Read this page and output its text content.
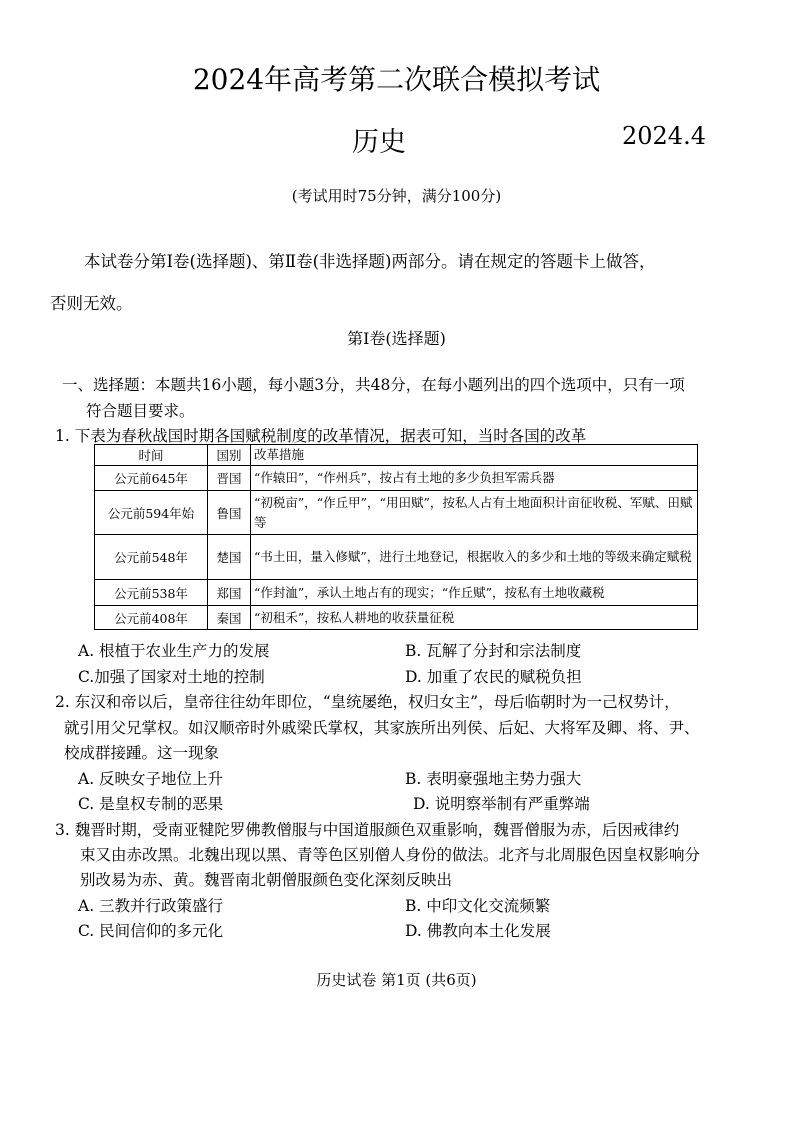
2024年高考第二次联合模拟考试
历史	2024.4
(考试用时75分钟，满分100分)
本试卷分第Ⅰ卷(选择题)、第Ⅱ卷(非选择题)两部分。请在规定的答题卡上做答，
否则无效。
第Ⅰ卷(选择题)
一、选择题：本题共16小题，每小题3分，共48分，在每小题列出的四个选项中，只有一项
符合题目要求。
1. 下表为春秋战国时期各国赋税制度的改革情况，据表可知，当时各国的改革
时间	国别	改革措施
公元前645年	晋国	“作辕田”，“作州兵”，按占有土地的多少负担军需兵器
公元前594年始	鲁国	“初税亩”，“作丘甲”，“用田赋”，按私人占有土地面积计亩征收税、军赋、田赋等
公元前548年	楚国	“书土田，量入修赋”，进行土地登记，根据收入的多少和土地的等级来确定赋税
公元前538年	郑国	“作封洫”，承认土地占有的现实；“作丘赋”，按私有土地收藏税
公元前408年	秦国	“初租禾”，按私人耕地的收获量征税
A. 根植于农业生产力的发展	B. 瓦解了分封和宗法制度
C.加强了国家对土地的控制	D. 加重了农民的赋税负担
2. 东汉和帝以后，皇帝往往幼年即位，“皇统屡绝，权归女主”，母后临朝时为一己权势计，
就引用父兄掌权。如汉顺帝时外戚梁氏掌权，其家族所出列侯、后妃、大将军及卿、将、尹、
校成群接踵。这一现象
A. 反映女子地位上升	B. 表明豪强地主势力强大
C. 是皇权专制的恶果	D. 说明察举制有严重弊端
3. 魏晋时期，受南亚犍陀罗佛教僧服与中国道服颜色双重影响，魏晋僧服为赤，后因戒律约
束又由赤改黑。北魏出现以黑、青等色区别僧人身份的做法。北齐与北周服色因皇权影响分
别改易为赤、黄。魏晋南北朝僧服颜色变化深刻反映出
A. 三教并行政策盛行	B. 中印文化交流频繁
C. 民间信仰的多元化	D. 佛教向本土化发展
历史试卷 第1页 (共6页)
